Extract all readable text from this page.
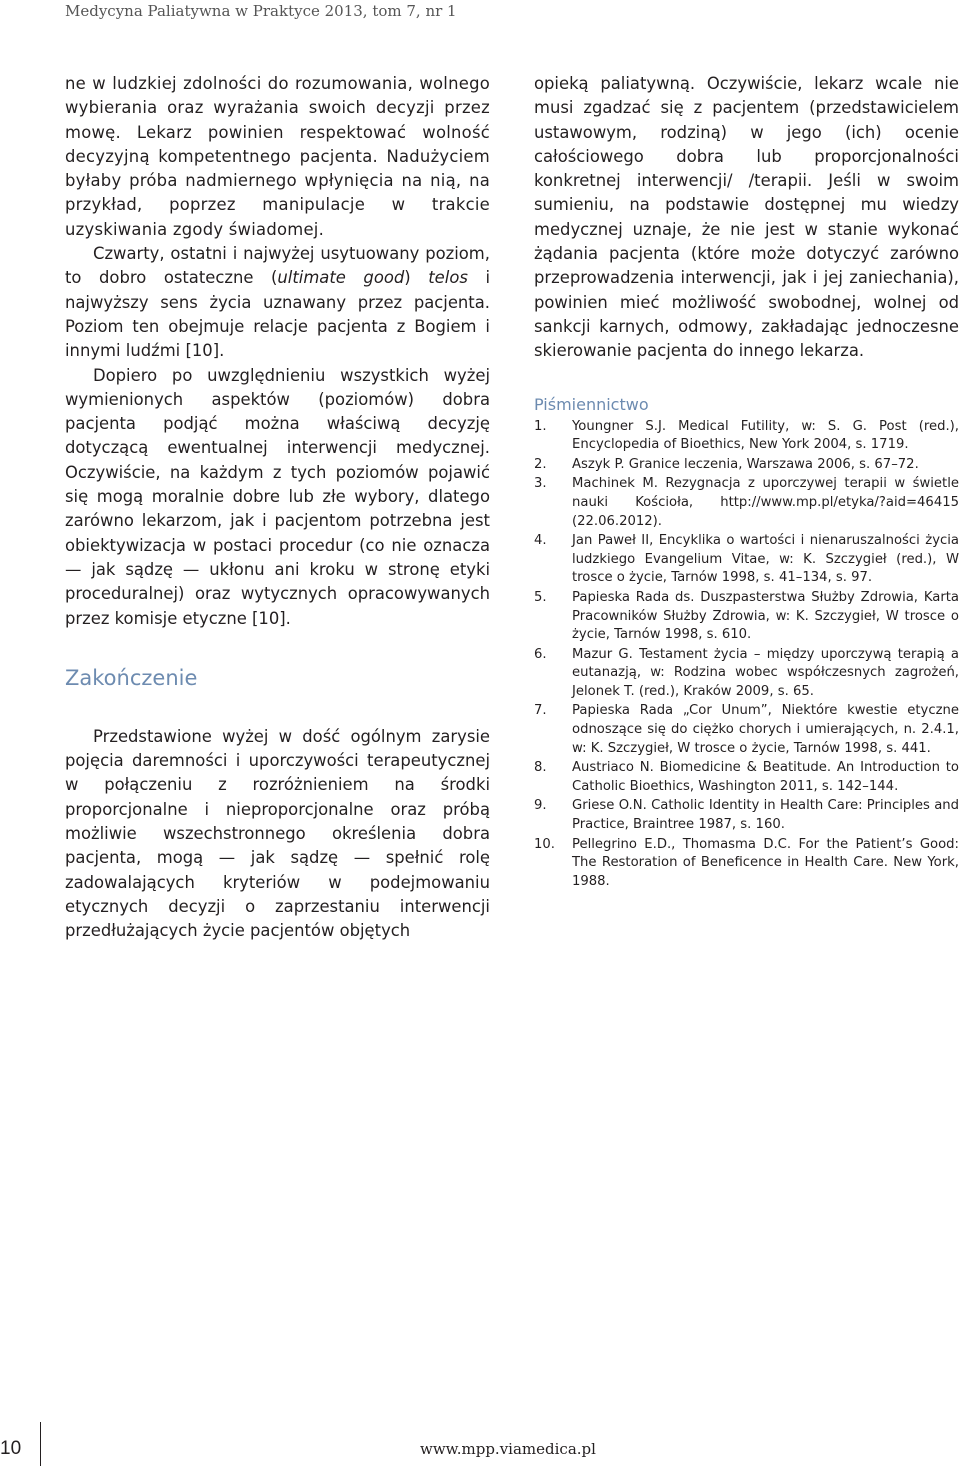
Medycyna Paliatywna w Praktyce 2013, tom 7, nr 1

ne w ludzkiej zdolności do rozumowania, wolnego wybierania oraz wyrażania swoich decyzji przez mowę. Lekarz powinien respektować wolność decyzyjną kompetentnego pacjenta. Nadużyciem byłaby próba nadmiernego wpłynięcia na nią, na przykład, poprzez manipulacje w trakcie uzyskiwania zgody świadomej.

Czwarty, ostatni i najwyżej usytuowany poziom, to dobro ostateczne (ultimate good) telos i najwyższy sens życia uznawany przez pacjenta. Poziom ten obejmuje relacje pacjenta z Bogiem i innymi ludźmi [10].

Dopiero po uwzględnieniu wszystkich wyżej wymienionych aspektów (poziomów) dobra pacjenta podjąć można właściwą decyzję dotyczącą ewentualnej interwencji medycznej. Oczywiście, na każdym z tych poziomów pojawić się mogą moralnie dobre lub złe wybory, dlatego zarówno lekarzom, jak i pacjentom potrzebna jest obiektywizacja w postaci procedur (co nie oznacza — jak sądzę — ukłonu ani kroku w stronę etyki proceduralnej) oraz wytycznych opracowywanych przez komisje etyczne [10].

Zakończenie

Przedstawione wyżej w dość ogólnym zarysie pojęcia daremności i uporczywości terapeutycznej w połączeniu z rozróżnieniem na środki proporcjonalne i nieproporcjonalne oraz próbą możliwie wszechstronnego określenia dobra pacjenta, mogą — jak sądzę — spełnić rolę zadowalających kryteriów w podejmowaniu etycznych decyzji o zaprzestaniu interwencji przedłużających życie pacjentów objętych

opieką paliatywną. Oczywiście, lekarz wcale nie musi zgadzać się z pacjentem (przedstawicielem ustawowym, rodziną) w jego (ich) ocenie całościowego dobra lub proporcjonalności konkretnej interwencji/ /terapii. Jeśli w swoim sumieniu, na podstawie dostępnej mu wiedzy medycznej uznaje, że nie jest w stanie wykonać żądania pacjenta (które może dotyczyć zarówno przeprowadzenia interwencji, jak i jej zaniechania), powinien mieć możliwość swobodnej, wolnej od sankcji karnych, odmowy, zakładając jednoczesne skierowanie pacjenta do innego lekarza.

Piśmiennictwo
1.	Youngner S.J. Medical Futility, w: S. G. Post (red.), Encyclopedia of Bioethics, New York 2004, s. 1719.
2.	Aszyk P. Granice leczenia, Warszawa 2006, s. 67–72.
3.	Machinek M. Rezygnacja z uporczywej terapii w świetle nauki Kościoła, http://www.mp.pl/etyka/?aid=46415 (22.06.2012).
4.	Jan Paweł II, Encyklika o wartości i nienaruszalności życia ludzkiego Evangelium Vitae, w: K. Szczygieł (red.), W trosce o życie, Tarnów 1998, s. 41–134, s. 97.
5.	Papieska Rada ds. Duszpasterstwa Służby Zdrowia, Karta Pracowników Służby Zdrowia, w: K. Szczygieł, W trosce o życie, Tarnów 1998, s. 610.
6.	Mazur G. Testament życia – między uporczywą terapią a eutanazją, w: Rodzina wobec współczesnych zagrożeń, Jelonek T. (red.), Kraków 2009, s. 65.
7.	Papieska Rada „Cor Unum”, Niektóre kwestie etyczne odnoszące się do ciężko chorych i umierających, n. 2.4.1, w: K. Szczygieł, W trosce o życie, Tarnów 1998, s. 441.
8.	Austriaco N. Biomedicine & Beatitude. An Introduction to Catholic Bioethics, Washington 2011, s. 142–144.
9.	Griese O.N. Catholic Identity in Health Care: Principles and Practice, Braintree 1987, s. 160.
10.	Pellegrino E.D., Thomasma D.C. For the Patient’s Good: The Restoration of Beneficence in Health Care. New York, 1988.
10	www.mpp.viamedica.pl
